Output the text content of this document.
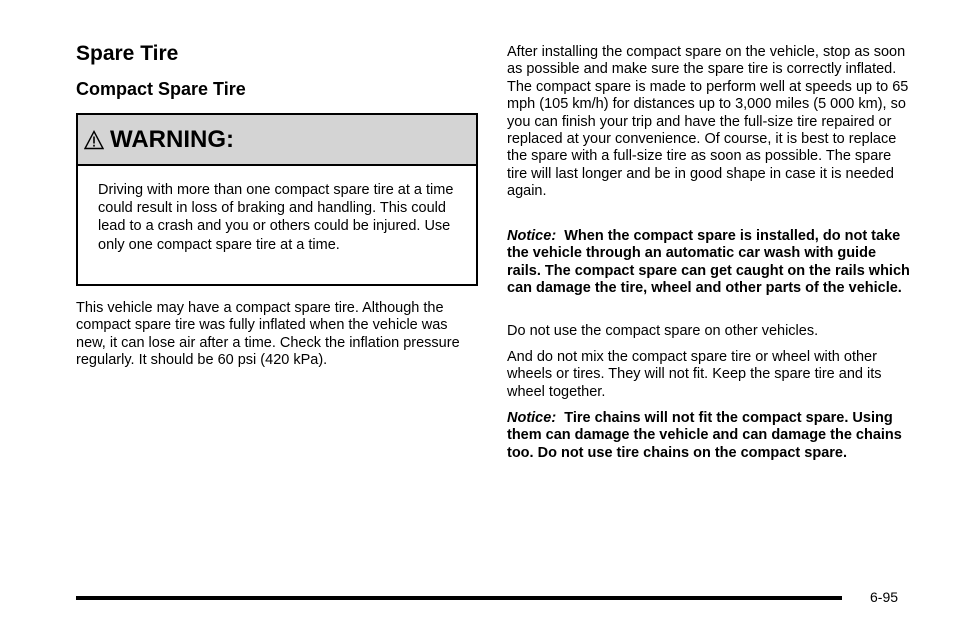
Spare Tire
Compact Spare Tire
WARNING:
Driving with more than one compact spare tire at a time could result in loss of braking and handling. This could lead to a crash and you or others could be injured. Use only one compact spare tire at a time.

This vehicle may have a compact spare tire. Although the compact spare tire was fully inflated when the vehicle was new, it can lose air after a time. Check the inflation pressure regularly. It should be 60 psi (420 kPa).

After installing the compact spare on the vehicle, stop as soon as possible and make sure the spare tire is correctly inflated. The compact spare is made to perform well at speeds up to 65 mph (105 km/h) for distances up to 3,000 miles (5 000 km), so you can finish your trip and have the full-size tire repaired or replaced at your convenience. Of course, it is best to replace the spare with a full-size tire as soon as possible. The spare tire will last longer and be in good shape in case it is needed again.

Notice: When the compact spare is installed, do not take the vehicle through an automatic car wash with guide rails. The compact spare can get caught on the rails which can damage the tire, wheel and other parts of the vehicle.

Do not use the compact spare on other vehicles.

And do not mix the compact spare tire or wheel with other wheels or tires. They will not fit. Keep the spare tire and its wheel together.

Notice: Tire chains will not fit the compact spare. Using them can damage the vehicle and can damage the chains too. Do not use tire chains on the compact spare.

6-95
